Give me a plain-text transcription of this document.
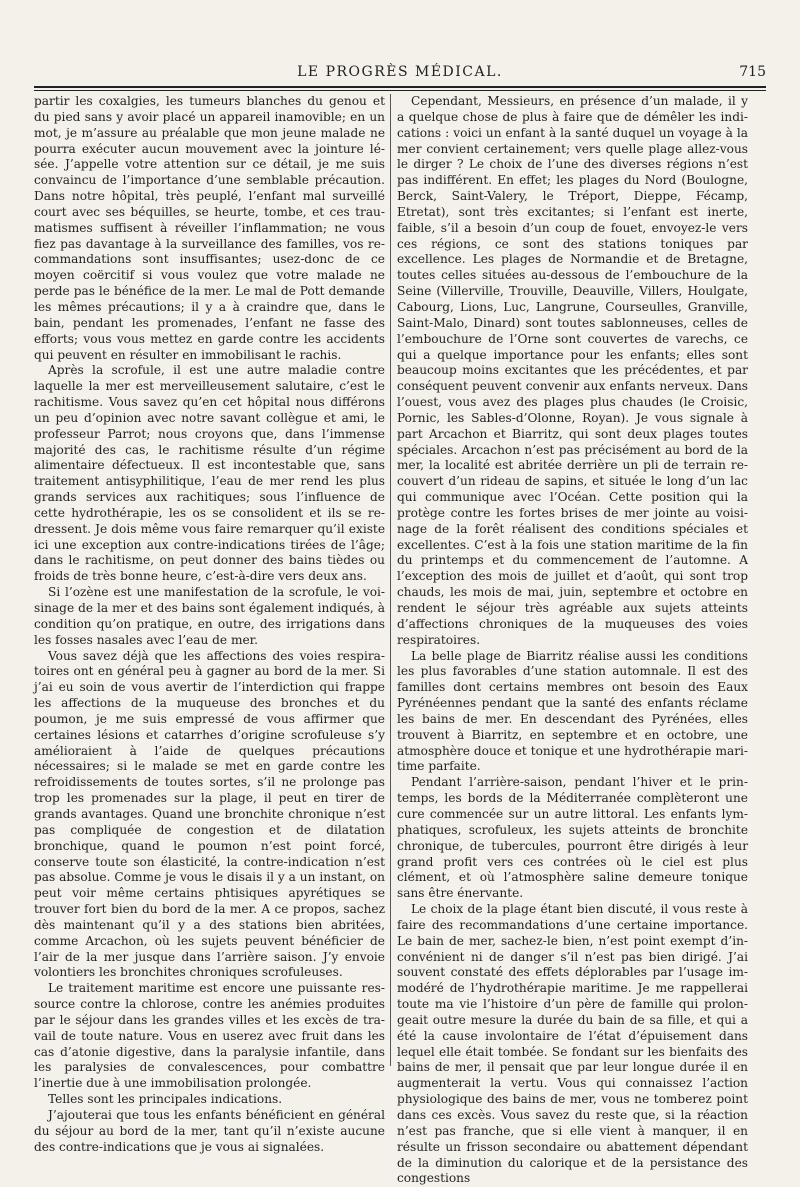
LE PROGRÈS MÉDICAL.	715

partir les coxalgies, les tumeurs blanches du genou et du pied sans y avoir placé un appareil inamovible; en un mot, je m’assure au préalable que mon jeune malade ne pourra exécuter aucun mouvement avec la jointure lésée. J’appelle votre attention sur ce détail, je me suis convaincu de l’importance d’une semblable précaution. Dans notre hôpital, très peuplé, l’enfant mal surveillé court avec ses béquilles, se heurte, tombe, et ces traumatismes suffisent à réveiller l’inflammation; ne vous fiez pas davantage à la surveillance des familles, vos recommandations sont insuffisantes; usez-donc de ce moyen coërcitif si vous voulez que votre malade ne perde pas le bénéfice de la mer. Le mal de Pott demande les mêmes précautions; il y a à craindre que, dans le bain, pendant les promenades, l’enfant ne fasse des efforts; vous vous mettez en garde contre les accidents qui peuvent en résulter en immobilisant le rachis.

Après la scrofule, il est une autre maladie contre laquelle la mer est merveilleusement salutaire, c’est le rachitisme. Vous savez qu’en cet hôpital nous différons un peu d’opinion avec notre savant collègue et ami, le professeur Parrot; nous croyons que, dans l’immense majorité des cas, le rachitisme résulte d’un régime alimentaire défectueux. Il est incontestable que, sans traitement antisyphilitique, l’eau de mer rend les plus grands services aux rachitiques; sous l’influence de cette hydrothérapie, les os se consolident et ils se redressent. Je dois même vous faire remarquer qu’il existe ici une exception aux contre-indications tirées de l’âge; dans le rachitisme, on peut donner des bains tièdes ou froids de très bonne heure, c’est-à-dire vers deux ans.

Si l’ozène est une manifestation de la scrofule, le voisinage de la mer et des bains sont également indiqués, à condition qu’on pratique, en outre, des irrigations dans les fosses nasales avec l’eau de mer.

Vous savez déjà que les affections des voies respiratoires ont en général peu à gagner au bord de la mer. Si j’ai eu soin de vous avertir de l’interdiction qui frappe les affections de la muqueuse des bronches et du poumon, je me suis empressé de vous affirmer que certaines lésions et catarrhes d’origine scrofuleuse s’y amélioraient à l’aide de quelques précautions nécessaires; si le malade se met en garde contre les refroidissements de toutes sortes, s’il ne prolonge pas trop les promenades sur la plage, il peut en tirer de grands avantages. Quand une bronchite chronique n’est pas compliquée de congestion et de dilatation bronchique, quand le poumon n’est point forcé, conserve toute son élasticité, la contre-indication n’est pas absolue. Comme je vous le disais il y a un instant, on peut voir même certains phtisiques apyrétiques se trouver fort bien du bord de la mer. A ce propos, sachez dès maintenant qu’il y a des stations bien abritées, comme Arcachon, où les sujets peuvent bénéficier de l’air de la mer jusque dans l’arrière saison. J’y envoie volontiers les bronchites chroniques scrofuleuses.

Le traitement maritime est encore une puissante ressource contre la chlorose, contre les anémies produites par le séjour dans les grandes villes et les excès de travail de toute nature. Vous en userez avec fruit dans les cas d’atonie digestive, dans la paralysie infantile, dans les paralysies de convalescences, pour combattre l’inertie due à une immobilisation prolongée.

Telles sont les principales indications.

J’ajouterai que tous les enfants bénéficient en général du séjour au bord de la mer, tant qu’il n’existe aucune des contre-indications que je vous ai signalées.

Cependant, Messieurs, en présence d’un malade, il y a quelque chose de plus à faire que de démêler les indications : voici un enfant à la santé duquel un voyage à la mer convient certainement; vers quelle plage allez-vous le dirger ? Le choix de l’une des diverses régions n’est pas indifférent. En effet; les plages du Nord (Boulogne, Berck, Saint-Valery, le Tréport, Dieppe, Fécamp, Etretat), sont très excitantes; si l’enfant est inerte, faible, s’il a besoin d’un coup de fouet, envoyez-le vers ces régions, ce sont des stations toniques par excellence. Les plages de Normandie et de Bretagne, toutes celles situées au-dessous de l’embouchure de la Seine (Villerville, Trouville, Deauville, Villers, Houlgate, Cabourg, Lions, Luc, Langrune, Courseulles, Granville, Saint-Malo, Dinard) sont toutes sablonneuses, celles de l’embouchure de l’Orne sont couvertes de varechs, ce qui a quelque importance pour les enfants; elles sont beaucoup moins excitantes que les précédentes, et par conséquent peuvent convenir aux enfants nerveux. Dans l’ouest, vous avez des plages plus chaudes (le Croisic, Pornic, les Sables-d’Olonne, Royan). Je vous signale à part Arcachon et Biarritz, qui sont deux plages toutes spéciales. Arcachon n’est pas précisément au bord de la mer, la localité est abritée derrière un pli de terrain recouvert d’un rideau de sapins, et située le long d’un lac qui communique avec l’Océan. Cette position qui la protège contre les fortes brises de mer jointe au voisinage de la forêt réalisent des conditions spéciales et excellentes. C’est à la fois une station maritime de la fin du printemps et du commencement de l’automne. A l’exception des mois de juillet et d’août, qui sont trop chauds, les mois de mai, juin, septembre et octobre en rendent le séjour très agréable aux sujets atteints d’affections chroniques de la muqueuses des voies respiratoires.

La belle plage de Biarritz réalise aussi les conditions les plus favorables d’une station automnale. Il est des familles dont certains membres ont besoin des Eaux Pyrénéennes pendant que la santé des enfants réclame les bains de mer. En descendant des Pyrénées, elles trouvent à Biarritz, en septembre et en octobre, une atmosphère douce et tonique et une hydrothérapie maritime parfaite.

Pendant l’arrière-saison, pendant l’hiver et le printemps, les bords de la Méditerranée complèteront une cure commencée sur un autre littoral. Les enfants lymphatiques, scrofuleux, les sujets atteints de bronchite chronique, de tubercules, pourront être dirigés à leur grand profit vers ces contrées où le ciel est plus clément, et où l’atmosphère saline demeure tonique sans être énervante.

Le choix de la plage étant bien discuté, il vous reste à faire des recommandations d’une certaine importance. Le bain de mer, sachez-le bien, n’est point exempt d’inconvénient ni de danger s’il n’est pas bien dirigé. J’ai souvent constaté des effets déplorables par l’usage immodéré de l’hydrothérapie maritime. Je me rappellerai toute ma vie l’histoire d’un père de famille qui prolongeait outre mesure la durée du bain de sa fille, et qui a été la cause involontaire de l’état d’épuisement dans lequel elle était tombée. Se fondant sur les bienfaits des bains de mer, il pensait que par leur longue durée il en augmenterait la vertu. Vous qui connaissez l’action physiologique des bains de mer, vous ne tomberez point dans ces excès. Vous savez du reste que, si la réaction n’est pas franche, que si elle vient à manquer, il en résulte un frisson secondaire ou abattement dépendant de la diminution du calorique et de la persistance des congestions
